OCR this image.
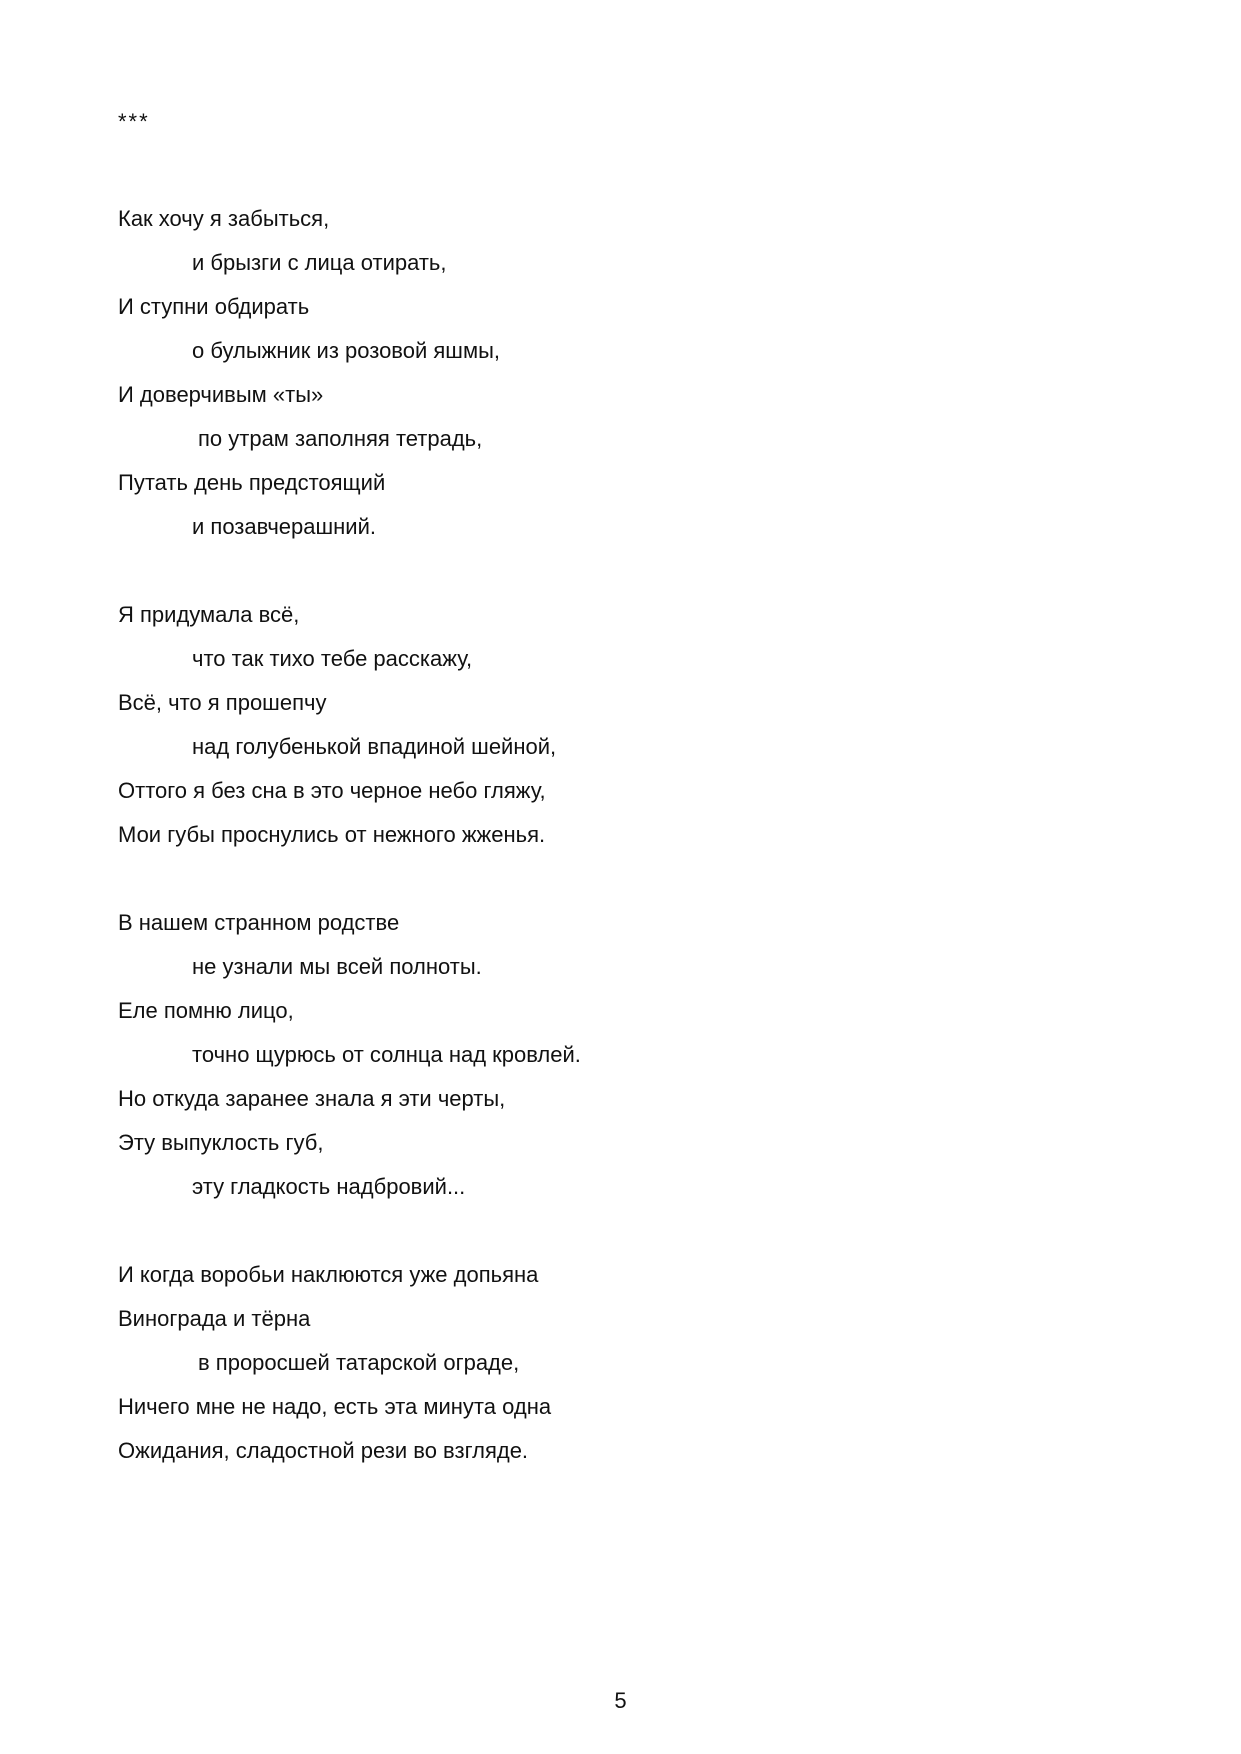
***
Как хочу я забыться,
и брызги с лица отирать,
И ступни обдирать
о булыжник из розовой яшмы,
И доверчивым «ты»
по утрам заполняя тетрадь,
Путать день предстоящий
и позавчерашний.
Я придумала всё,
что так тихо тебе расскажу,
Всё, что я прошепчу
над голубенькой впадиной шейной,
Оттого я без сна в это черное небо гляжу,
Мои губы проснулись от нежного жженья.
В нашем странном родстве
не узнали мы всей полноты.
Еле помню лицо,
точно щурюсь от солнца над кровлей.
Но откуда заранее знала я эти черты,
Эту выпуклость губ,
эту гладкость надбровий...
И когда воробьи наклюются уже допьяна
Винограда и тёрна
в проросшей татарской ограде,
Ничего мне не надо, есть эта минута одна
Ожидания, сладостной рези во взгляде.
5
